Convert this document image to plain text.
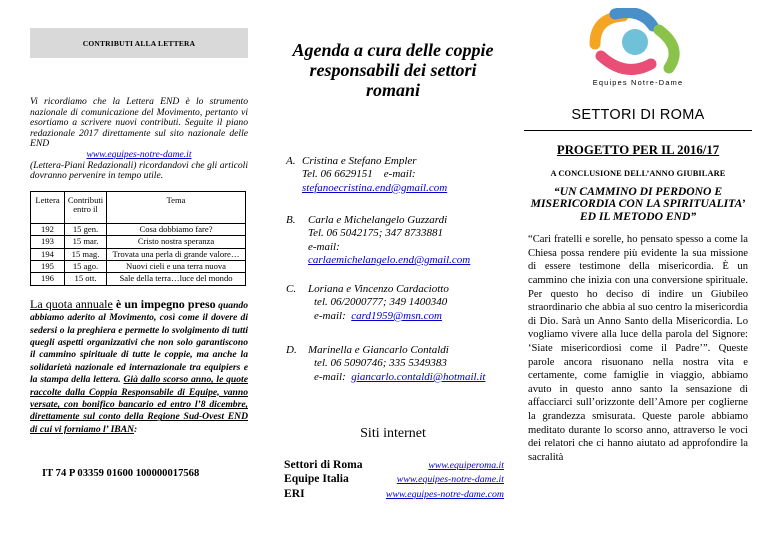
CONTRIBUTI ALLA LETTERA

Vi ricordiamo che la Lettera END è lo strumento nazionale di comunicazione del Movimento, pertanto vi esortiamo a scrivere nuovi contributi. Seguite il piano redazionale 2017 direttamente sul sito nazionale delle END
www.equipes-notre-dame.it
(Lettera-Piani Redazionali) ricordandovi che gli articoli dovranno pervenire in tempo utile.

Lettera	Contributi entro il	Tema
192	15 gen.	Cosa dobbiamo fare?
193	15 mar.	Cristo nostra speranza
194	15 mag.	Trovata una perla di grande valore…
195	15 ago.	Nuovi cieli e una terra nuova
196	15 ott.	Sale della terra…luce del mondo

La quota annuale è un impegno preso quando abbiamo aderito al Movimento, così come il dovere di sedersi o la preghiera e permette lo svolgimento di tutti quegli aspetti organizzativi che non solo garantiscono il cammino spirituale di tutte le coppie, ma anche la solidarietà nazionale ed internazionale tra equipiers e la stampa della lettera. Già dallo scorso anno, le quote raccolte dalla Coppia Responsabile di Equipe, vanno versate, con bonifico bancario ed entro l’8 dicembre, direttamente sul conto della Regione Sud-Ovest END di cui vi forniamo l’ IBAN:

IT 74 P 03359 01600 100000017568
Agenda a cura delle coppie responsabili dei settori romani
A. Cristina e Stefano Empler
Tel. 06 6629151 e-mail:
stefanoecristina.end@gmail.com
B.	Carla e Michelangelo Guzzardi
Tel. 06 5042175; 347 8733881
e-mail:
carlaemichelangelo.end@gmail.com
C.	Loriana e Vincenzo Cardaciotto
tel. 06/2000777; 349 1400340
e-mail: card1959@msn.com
D.	Marinella e Giancarlo Contaldi
tel. 06 5090746; 335 5349383
e-mail: giancarlo.contaldi@hotmail.it
Siti internet
Settori di Roma	www.equiperoma.it
Equipe Italia	www.equipes-notre-dame.it
ERI	www.equipes-notre-dame.com
Equipes Notre-Dame
SETTORI DI ROMA
PROGETTO PER IL 2016/17
A CONCLUSIONE DELL’ANNO GIUBILARE
“UN CAMMINO DI PERDONO E MISERICORDIA CON LA SPIRITUALITA’ ED IL METODO END”

“Cari fratelli e sorelle, ho pensato spesso a come la Chiesa possa rendere più evidente la sua missione di essere testimone della misericordia. È un cammino che inizia con una conversione spirituale. Per questo ho deciso di indire un Giubileo straordinario che abbia al suo centro la misericordia di Dio. Sarà un Anno Santo della Misericordia. Lo vogliamo vivere alla luce della parola del Signore: ‘Siate misericordiosi come il Padre’”. Queste parole ancora risuonano nella nostra vita e certamente, come famiglie in viaggio, abbiamo avuto in questo anno santo la sensazione di affacciarci sull’orizzonte dell’Amore per coglierne la grandezza smisurata. Queste parole abbiamo meditato durante lo scorso anno, attraverso le voci dei relatori che ci hanno aiutato ad approfondire la sacralità
